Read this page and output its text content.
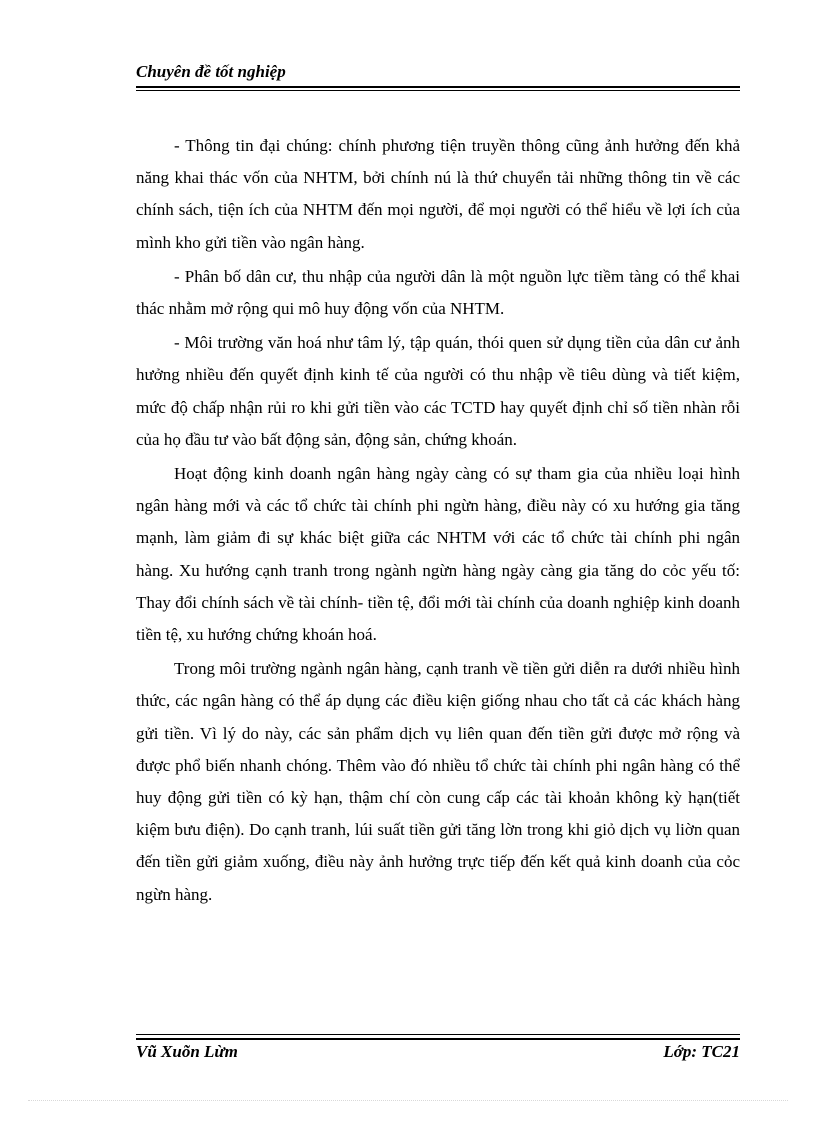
Chuyên đề tốt nghiệp

- Thông tin đại chúng: chính phương tiện truyền thông cũng ảnh hưởng đến khả năng khai thác vốn của NHTM, bởi chính nú là thứ chuyển tải những thông tin về các chính sách, tiện ích của NHTM đến mọi người, để mọi người có thể hiểu về lợi ích của mình kho gửi tiền vào ngân hàng.

- Phân bố dân cư, thu nhập của người dân là một nguồn lực tiềm tàng có thể khai thác nhằm mở rộng qui mô huy động vốn của NHTM.

- Môi trường văn hoá như tâm lý, tập quán, thói quen sử dụng tiền của dân cư ảnh hưởng nhiều đến quyết định kinh tế của người có thu nhập về tiêu dùng và tiết kiệm, mức độ chấp nhận rủi ro khi gửi tiền vào các TCTD hay quyết định chỉ số tiền nhàn rỗi của họ đầu tư vào bất động sản, động sản, chứng khoán.

Hoạt động kinh doanh ngân hàng ngày càng có sự tham gia của nhiều loại hình ngân hàng mới và các tổ chức tài chính phi ngừn hàng, điều này có xu hướng gia tăng mạnh, làm giảm đi sự khác biệt giữa các NHTM với các tổ chức tài chính phi ngân hàng. Xu hướng cạnh tranh trong ngành ngừn hàng ngày càng gia tăng do cỏc yếu tố: Thay đổi chính sách về tài chính- tiền tệ, đổi mới tài chính của doanh nghiệp kinh doanh tiền tệ, xu hướng chứng khoán hoá.

Trong môi trường ngành ngân hàng, cạnh tranh về tiền gửi diễn ra dưới nhiều hình thức, các ngân hàng có thể áp dụng các điều kiện giống nhau cho tất cả các khách hàng gửi tiền. Vì lý do này, các sản phẩm dịch vụ liên quan đến tiền gửi được mở rộng và được phổ biến nhanh chóng. Thêm vào đó nhiều tổ chức tài chính phi ngân hàng có thể huy động gửi tiền có kỳ hạn, thậm chí còn cung cấp các tài khoản không kỳ hạn(tiết kiệm bưu điện). Do cạnh tranh, lúi suất tiền gửi tăng lờn trong khi giỏ dịch vụ liờn quan đến tiền gửi giảm xuống, điều này ảnh hưởng trực tiếp đến kết quả kinh doanh của cỏc ngừn hàng.

Vũ Xuõn Lừm	Lớp: TC21
